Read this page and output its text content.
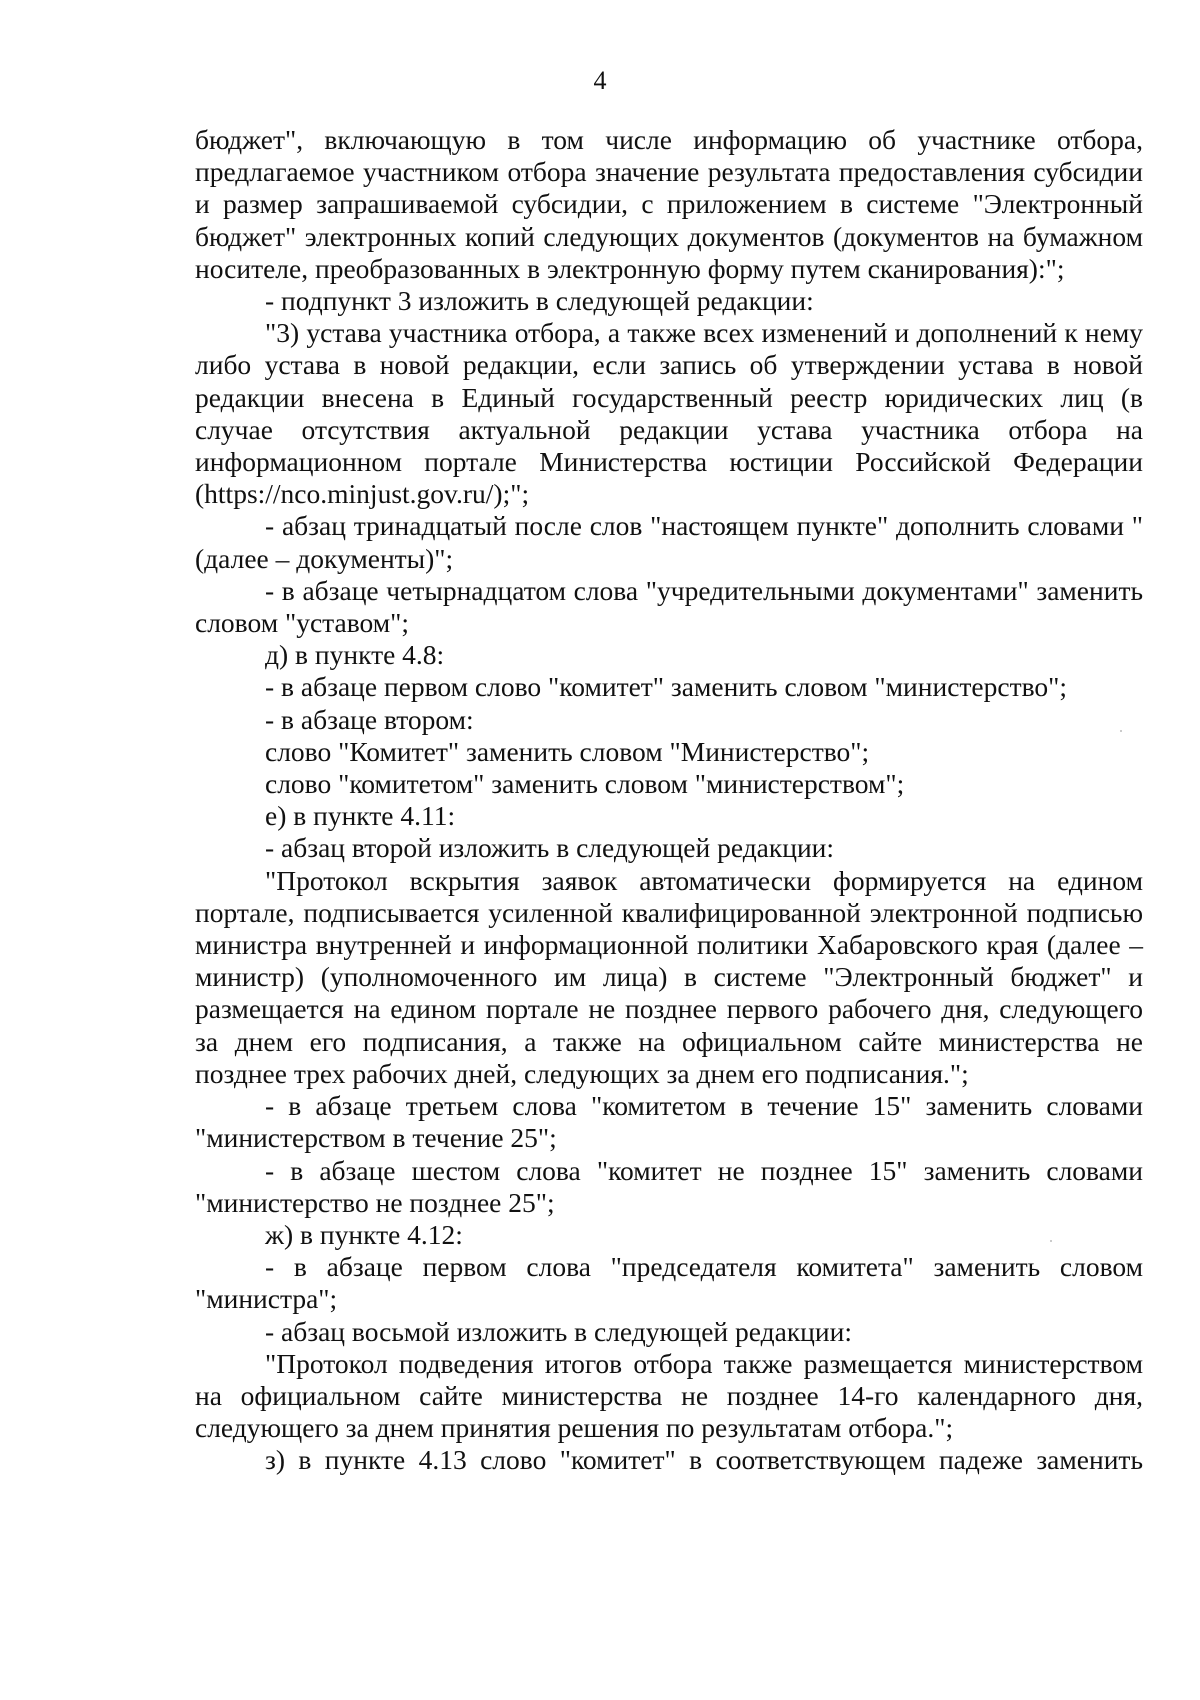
4

бюджет", включающую в том числе информацию об участнике отбора, предлагаемое участником отбора значение результата предоставления субсидии и размер запрашиваемой субсидии, с приложением в системе "Электронный бюджет" электронных копий следующих документов (документов на бумажном носителе, преобразованных в электронную форму путем сканирования):";

- подпункт 3 изложить в следующей редакции:

"3) устава участника отбора, а также всех изменений и дополнений к нему либо устава в новой редакции, если запись об утверждении устава в новой редакции внесена в Единый государственный реестр юридических лиц (в случае отсутствия актуальной редакции устава участника отбора на информационном портале Министерства юстиции Российской Федерации (https://nco.minjust.gov.ru/);";

- абзац тринадцатый после слов "настоящем пункте" дополнить словами "(далее – документы)";

- в абзаце четырнадцатом слова "учредительными документами" заменить словом "уставом";

д) в пункте 4.8:

- в абзаце первом слово "комитет" заменить словом "министерство";

- в абзаце втором:

слово "Комитет" заменить словом "Министерство";

слово "комитетом" заменить словом "министерством";

е) в пункте 4.11:

- абзац второй изложить в следующей редакции:

"Протокол вскрытия заявок автоматически формируется на едином портале, подписывается усиленной квалифицированной электронной подписью министра внутренней и информационной политики Хабаровского края (далее – министр) (уполномоченного им лица) в системе "Электронный бюджет" и размещается на едином портале не позднее первого рабочего дня, следующего за днем его подписания, а также на официальном сайте министерства не позднее трех рабочих дней, следующих за днем его подписания.";

- в абзаце третьем слова "комитетом в течение 15" заменить словами "министерством в течение 25";

- в абзаце шестом слова "комитет не позднее 15" заменить словами "министерство не позднее 25";

ж) в пункте 4.12:

- в абзаце первом слова "председателя комитета" заменить словом "министра";

- абзац восьмой изложить в следующей редакции:

"Протокол подведения итогов отбора также размещается министерством на официальном сайте министерства не позднее 14-го календарного дня, следующего за днем принятия решения по результатам отбора.";

з) в пункте 4.13 слово "комитет" в соответствующем падеже заменить
